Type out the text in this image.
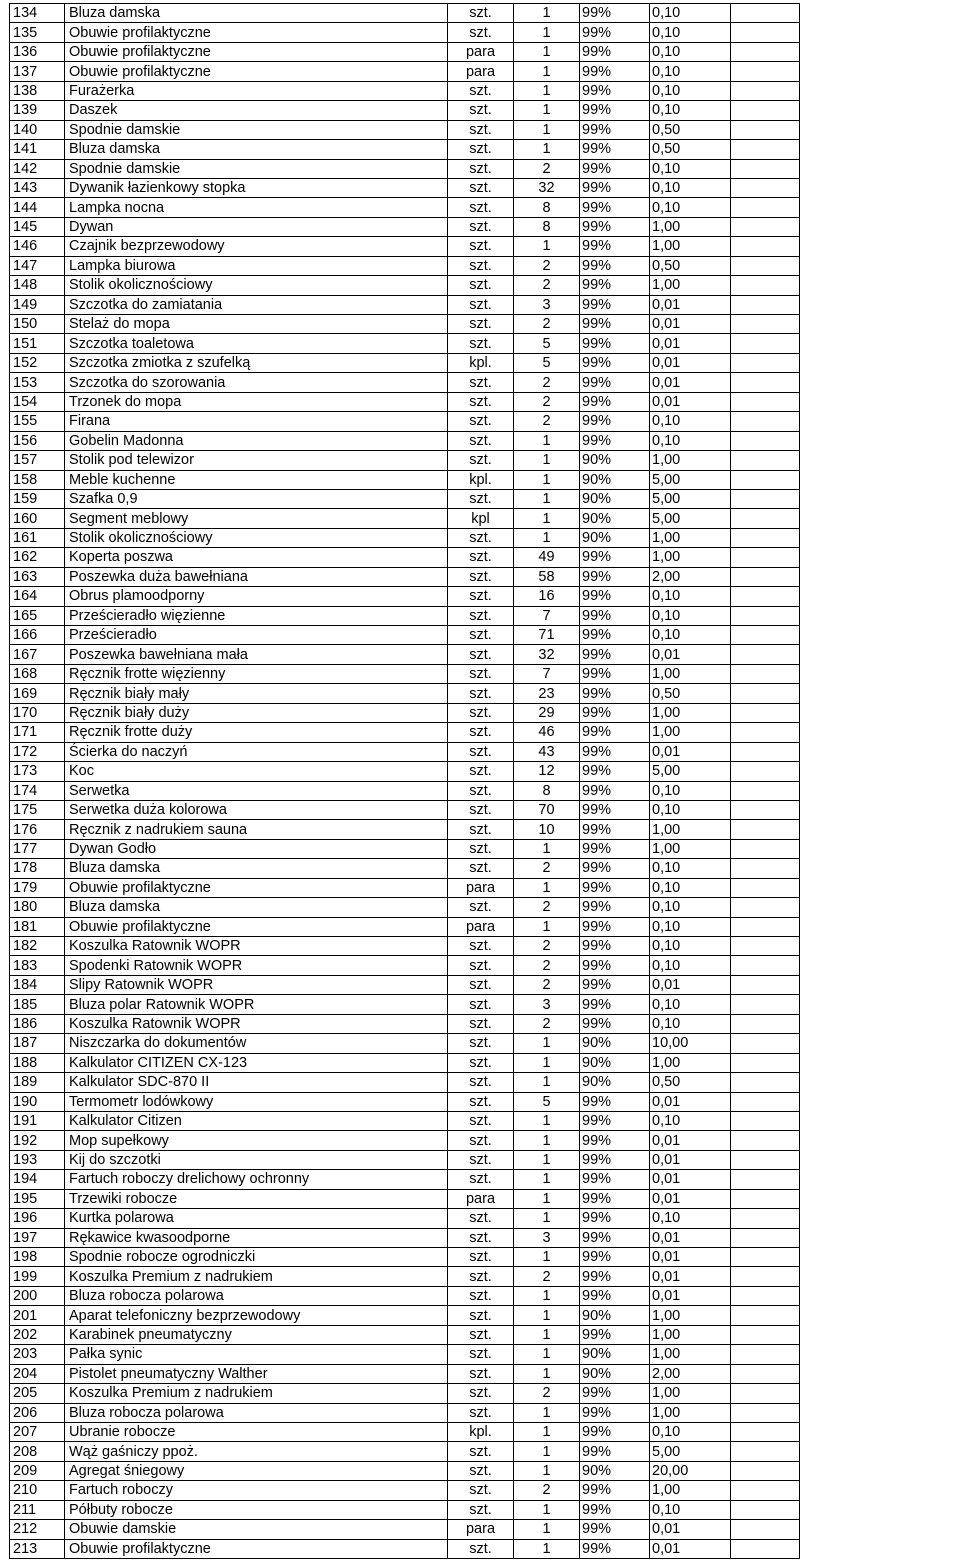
134	Bluza damska	szt.	1	99%	0,10	
135	Obuwie profilaktyczne	szt.	1	99%	0,10	
136	Obuwie profilaktyczne	para	1	99%	0,10	
137	Obuwie profilaktyczne	para	1	99%	0,10	
138	Furażerka	szt.	1	99%	0,10	
139	Daszek	szt.	1	99%	0,10	
140	Spodnie damskie	szt.	1	99%	0,50	
141	Bluza damska	szt.	1	99%	0,50	
142	Spodnie damskie	szt.	2	99%	0,10	
143	Dywanik łazienkowy stopka	szt.	32	99%	0,10	
144	Lampka nocna	szt.	8	99%	0,10	
145	Dywan	szt.	8	99%	1,00	
146	Czajnik bezprzewodowy	szt.	1	99%	1,00	
147	Lampka biurowa	szt.	2	99%	0,50	
148	Stolik okolicznościowy	szt.	2	99%	1,00	
149	Szczotka do zamiatania	szt.	3	99%	0,01	
150	Stelaż do mopa	szt.	2	99%	0,01	
151	Szczotka toaletowa	szt.	5	99%	0,01	
152	Szczotka zmiotka z szufelką	kpl.	5	99%	0,01	
153	Szczotka do szorowania	szt.	2	99%	0,01	
154	Trzonek do mopa	szt.	2	99%	0,01	
155	Firana	szt.	2	99%	0,10	
156	Gobelin Madonna	szt.	1	99%	0,10	
157	Stolik pod telewizor	szt.	1	90%	1,00	
158	Meble kuchenne	kpl.	1	90%	5,00	
159	Szafka 0,9	szt.	1	90%	5,00	
160	Segment meblowy	kpl	1	90%	5,00	
161	Stolik okolicznościowy	szt.	1	90%	1,00	
162	Koperta poszwa	szt.	49	99%	1,00	
163	Poszewka duża bawełniana	szt.	58	99%	2,00	
164	Obrus plamoodporny	szt.	16	99%	0,10	
165	Prześcieradło więzienne	szt.	7	99%	0,10	
166	Prześcieradło	szt.	71	99%	0,10	
167	Poszewka bawełniana mała	szt.	32	99%	0,01	
168	Ręcznik frotte więzienny	szt.	7	99%	1,00	
169	Ręcznik biały mały	szt.	23	99%	0,50	
170	Ręcznik biały duży	szt.	29	99%	1,00	
171	Ręcznik frotte duży	szt.	46	99%	1,00	
172	Ścierka do naczyń	szt.	43	99%	0,01	
173	Koc	szt.	12	99%	5,00	
174	Serwetka	szt.	8	99%	0,10	
175	Serwetka duża kolorowa	szt.	70	99%	0,10	
176	Ręcznik z nadrukiem sauna	szt.	10	99%	1,00	
177	Dywan Godło	szt.	1	99%	1,00	
178	Bluza damska	szt.	2	99%	0,10	
179	Obuwie profilaktyczne	para	1	99%	0,10	
180	Bluza damska	szt.	2	99%	0,10	
181	Obuwie profilaktyczne	para	1	99%	0,10	
182	Koszulka Ratownik WOPR	szt.	2	99%	0,10	
183	Spodenki Ratownik WOPR	szt.	2	99%	0,10	
184	Slipy Ratownik WOPR	szt.	2	99%	0,01	
185	Bluza polar Ratownik WOPR	szt.	3	99%	0,10	
186	Koszulka Ratownik WOPR	szt.	2	99%	0,10	
187	Niszczarka do dokumentów	szt.	1	90%	10,00	
188	Kalkulator CITIZEN CX-123	szt.	1	90%	1,00	
189	Kalkulator SDC-870 II	szt.	1	90%	0,50	
190	Termometr lodówkowy	szt.	5	99%	0,01	
191	Kalkulator Citizen	szt.	1	99%	0,10	
192	Mop supełkowy	szt.	1	99%	0,01	
193	Kij do szczotki	szt.	1	99%	0,01	
194	Fartuch roboczy drelichowy ochronny	szt.	1	99%	0,01	
195	Trzewiki robocze	para	1	99%	0,01	
196	Kurtka polarowa	szt.	1	99%	0,10	
197	Rękawice kwasoodporne	szt.	3	99%	0,01	
198	Spodnie robocze ogrodniczki	szt.	1	99%	0,01	
199	Koszulka Premium z nadrukiem	szt.	2	99%	0,01	
200	Bluza robocza polarowa	szt.	1	99%	0,01	
201	Aparat telefoniczny bezprzewodowy	szt.	1	90%	1,00	
202	Karabinek pneumatyczny	szt.	1	99%	1,00	
203	Pałka synic	szt.	1	90%	1,00	
204	Pistolet pneumatyczny Walther	szt.	1	90%	2,00	
205	Koszulka Premium z nadrukiem	szt.	2	99%	1,00	
206	Bluza robocza polarowa	szt.	1	99%	1,00	
207	Ubranie robocze	kpl.	1	99%	0,10	
208	Wąż gaśniczy ppoż.	szt.	1	99%	5,00	
209	Agregat śniegowy	szt.	1	90%	20,00	
210	Fartuch roboczy	szt.	2	99%	1,00	
211	Półbuty robocze	szt.	1	99%	0,10	
212	Obuwie damskie	para	1	99%	0,01	
213	Obuwie profilaktyczne	szt.	1	99%	0,01	
